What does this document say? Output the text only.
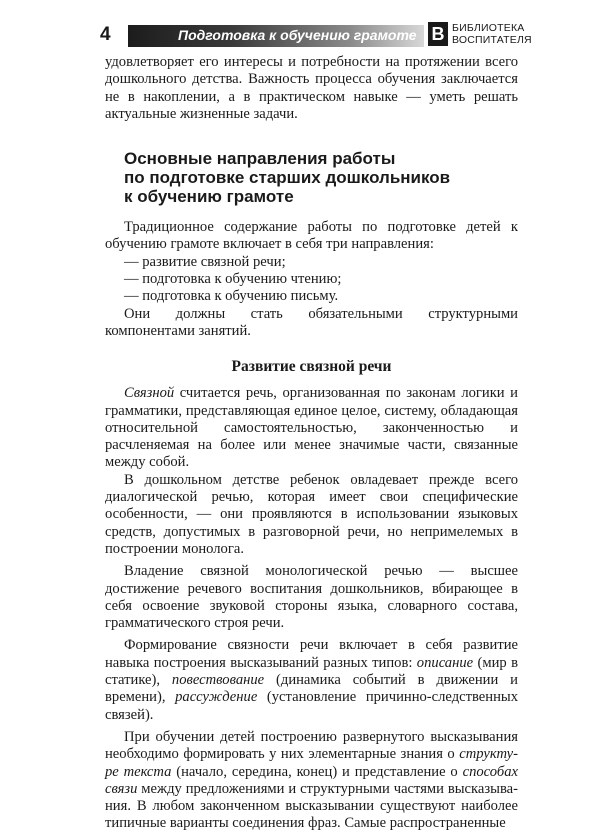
4	Подготовка к обучению грамоте В БИБЛИОТЕКА
ВОСПИТАТЕЛЯ

удовлетворяет его интересы и потребности на протяжении всего дошкольного детства. Важность процесса обучения заключается не в накоплении, а в практическом навыке — уметь решать актуальные жизненные задачи.

Основные направления работы
по подготовке старших дошкольников
к обучению грамоте

Традиционное содержание работы по подготовке детей к обучению грамоте включает в себя три направления:

— развитие связной речи;

— подготовка к обучению чтению;

— подготовка к обучению письму.

Они должны стать обязательными структурными компонентами занятий.

Развитие связной речи

Связной считается речь, организованная по законам логики и грамматики, представляющая единое целое, систему, обладающая относительной самостоятельностью, законченностью и расчленяемая на более или менее значимые части, связанные между собой.

В дошкольном детстве ребенок овладевает прежде всего диалогической речью, которая имеет свои специфические особенности, — они проявляются в использовании языковых средств, допустимых в разговорной речи, но непримелемых в построении монолога.

Владение связной монологической речью — высшее достижение речевого воспитания дошкольников, вбирающее в себя освоение звуковой стороны языка, словарного состава, грамматического строя речи.

Формирование связности речи включает в себя развитие навыка построения высказываний разных типов: описание (мир в статике), повествование (динамика событий в движении и времени), рассуждение (установление причинно-следственных связей).

При обучении детей построению развернутого высказывания необходимо формировать у них элементарные знания о структуре текста (начало, середина, конец) и представление о способах связи между предложениями и структурными частями высказывания. В любом законченном высказывании существуют наиболее типичные варианты соединения фраз. Самые распространенные
